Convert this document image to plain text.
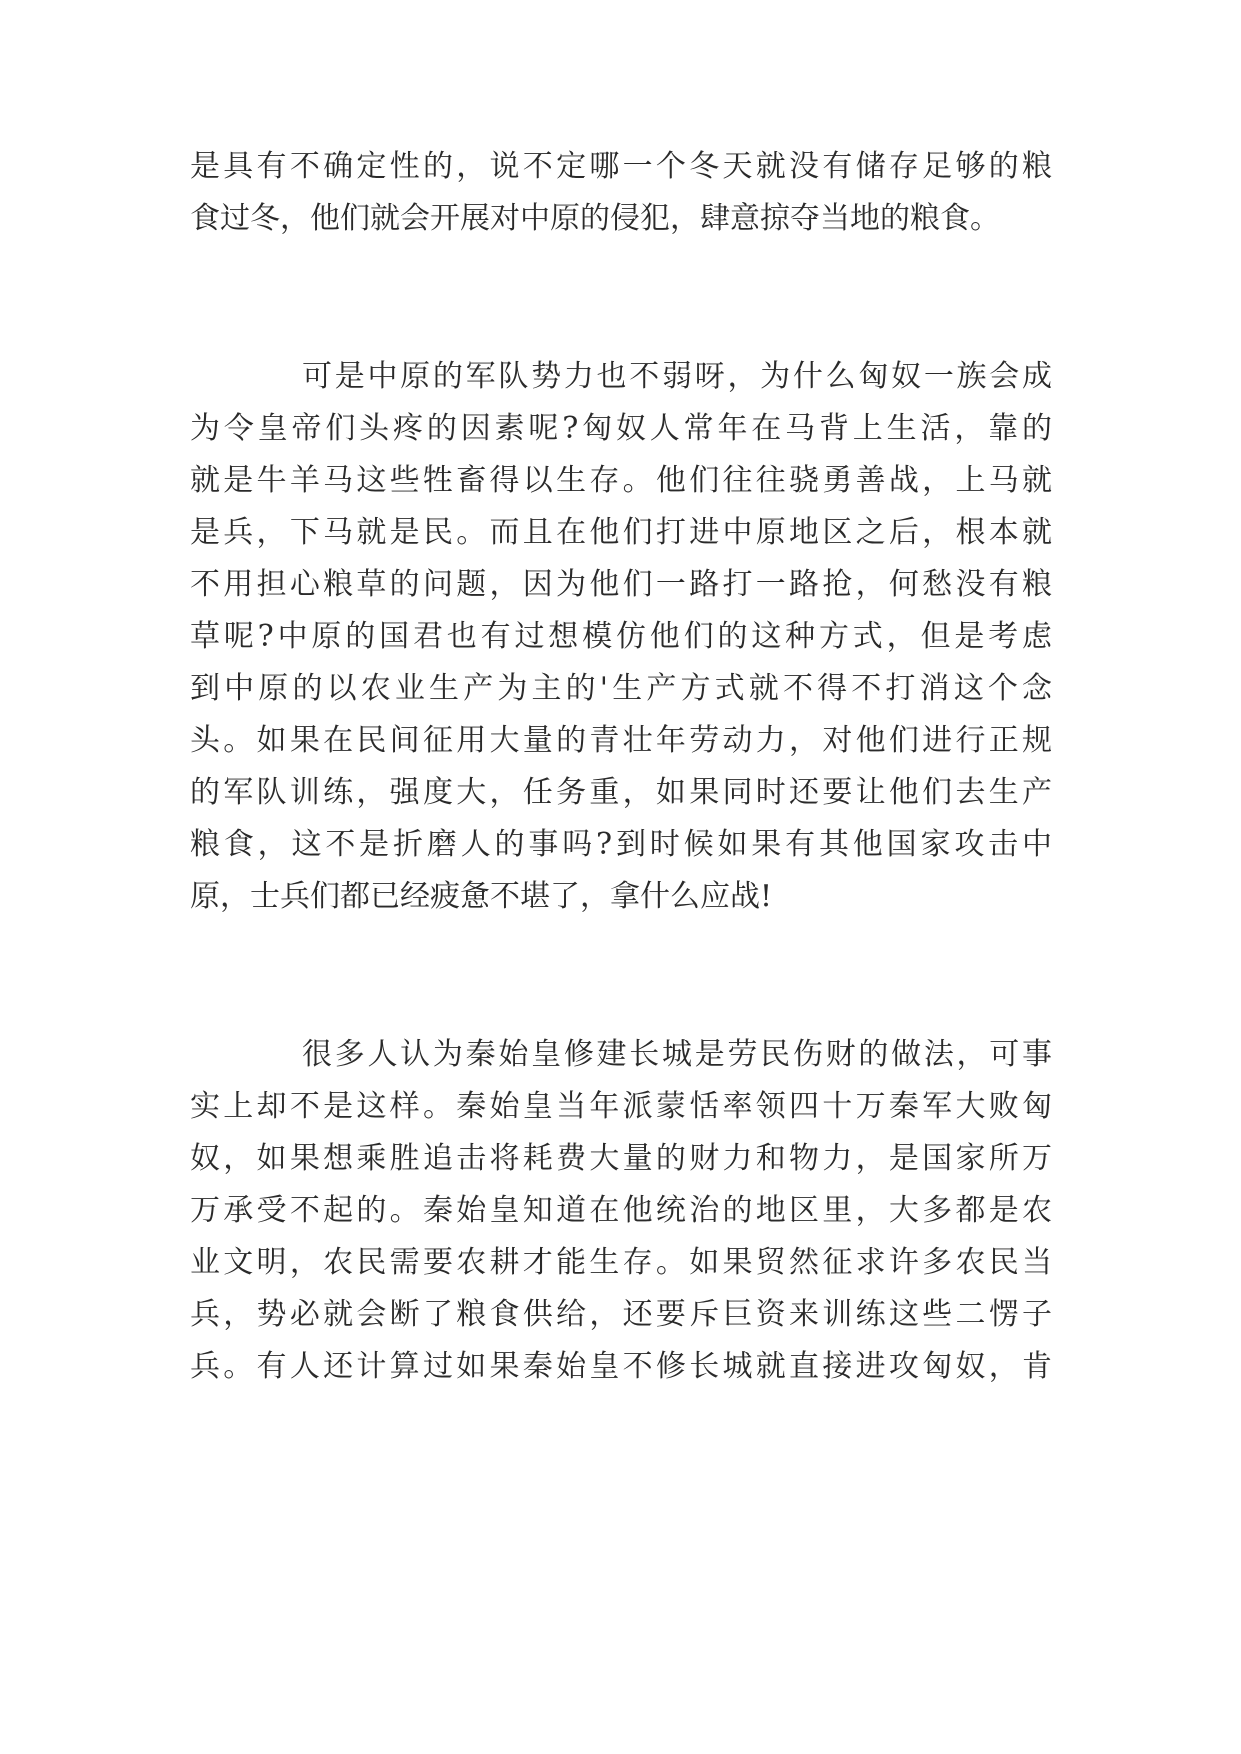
是具有不确定性的，说不定哪一个冬天就没有储存足够的粮
食过冬，他们就会开展对中原的侵犯，肆意掠夺当地的粮食。
可是中原的军队势力也不弱呀，为什么匈奴一族会成
为令皇帝们头疼的因素呢?匈奴人常年在马背上生活，靠的
就是牛羊马这些牲畜得以生存。他们往往骁勇善战，上马就
是兵，下马就是民。而且在他们打进中原地区之后，根本就
不用担心粮草的问题，因为他们一路打一路抢，何愁没有粮
草呢?中原的国君也有过想模仿他们的这种方式，但是考虑
到中原的以农业生产为主的'生产方式就不得不打消这个念
头。如果在民间征用大量的青壮年劳动力，对他们进行正规
的军队训练，强度大，任务重，如果同时还要让他们去生产
粮食，这不是折磨人的事吗?到时候如果有其他国家攻击中
原，士兵们都已经疲惫不堪了，拿什么应战!
很多人认为秦始皇修建长城是劳民伤财的做法，可事
实上却不是这样。秦始皇当年派蒙恬率领四十万秦军大败匈
奴，如果想乘胜追击将耗费大量的财力和物力，是国家所万
万承受不起的。秦始皇知道在他统治的地区里，大多都是农
业文明，农民需要农耕才能生存。如果贸然征求许多农民当
兵，势必就会断了粮食供给，还要斥巨资来训练这些二愣子
兵。有人还计算过如果秦始皇不修长城就直接进攻匈奴，肯
